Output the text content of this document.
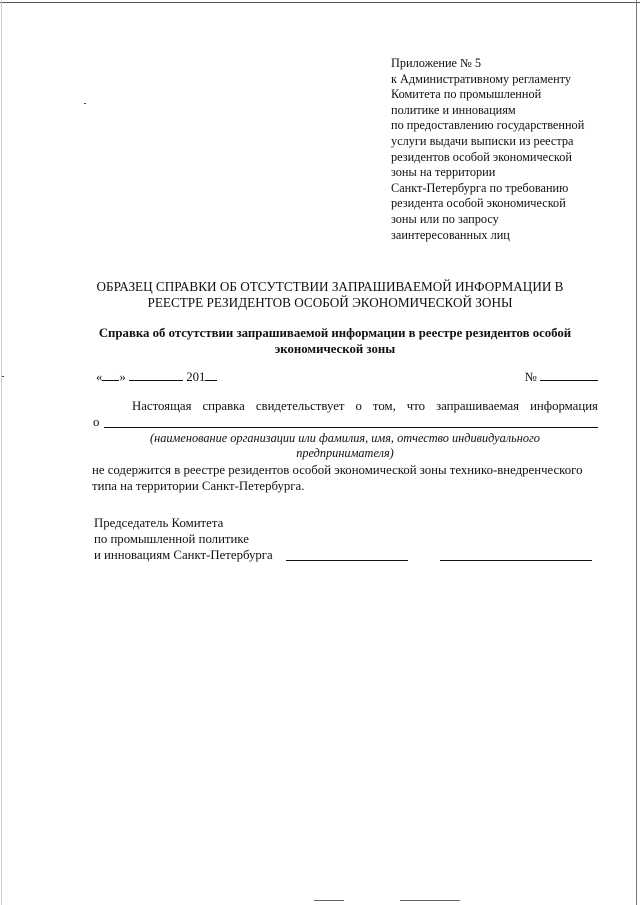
Приложение № 5
к Административному регламенту
Комитета по промышленной
политике и инновациям
по предоставлению государственной
услуги выдачи выписки из реестра
резидентов особой экономической
зоны на территории
Санкт-Петербурга по требованию
резидента особой экономической
зоны или по запросу
заинтересованных лиц
ОБРАЗЕЦ СПРАВКИ ОБ ОТСУТСТВИИ ЗАПРАШИВАЕМОЙ ИНФОРМАЦИИ В
РЕЕСТРЕ РЕЗИДЕНТОВ ОСОБОЙ ЭКОНОМИЧЕСКОЙ ЗОНЫ
Справка об отсутствии запрашиваемой информации в реестре резидентов особой
экономической зоны
« »	201	№
Настоящая справка свидетельствует о том, что запрашиваемая информация
о
(наименование организации или фамилия, имя, отчество индивидуального
предпринимателя)
не содержится в реестре резидентов особой экономической зоны технико-внедренческого
типа на территории Санкт-Петербурга.
Председатель Комитета
по промышленной политике
и инновациям Санкт-Петербурга
